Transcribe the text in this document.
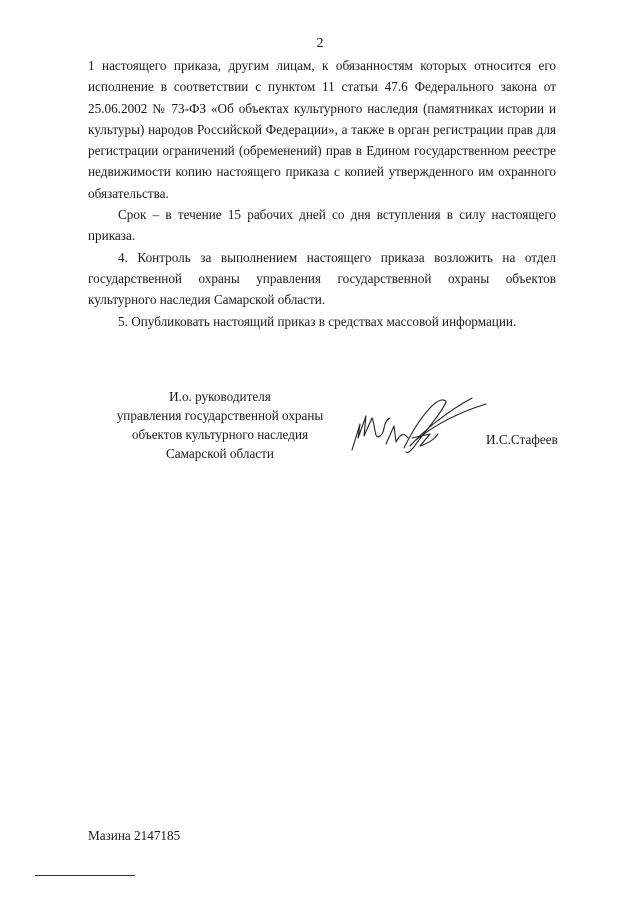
2

1 настоящего приказа, другим лицам, к обязанностям которых относится его исполнение в соответствии с пунктом 11 статьи 47.6 Федерального закона от 25.06.2002 № 73-ФЗ «Об объектах культурного наследия (памятниках истории и культуры) народов Российской Федерации», а также в орган регистрации прав для регистрации ограничений (обременений) прав в Едином государственном реестре недвижимости копию настоящего приказа с копией утвержденного им охранного обязательства.

Срок – в течение 15 рабочих дней со дня вступления в силу настоящего приказа.

4. Контроль за выполнением настоящего приказа возложить на отдел государственной охраны управления государственной охраны объектов культурного наследия Самарской области.

5. Опубликовать настоящий приказ в средствах массовой информации.

И.о. руководителя
управления государственной охраны
объектов культурного наследия
Самарской области
И.С.Стафеев
Мазина 2147185
